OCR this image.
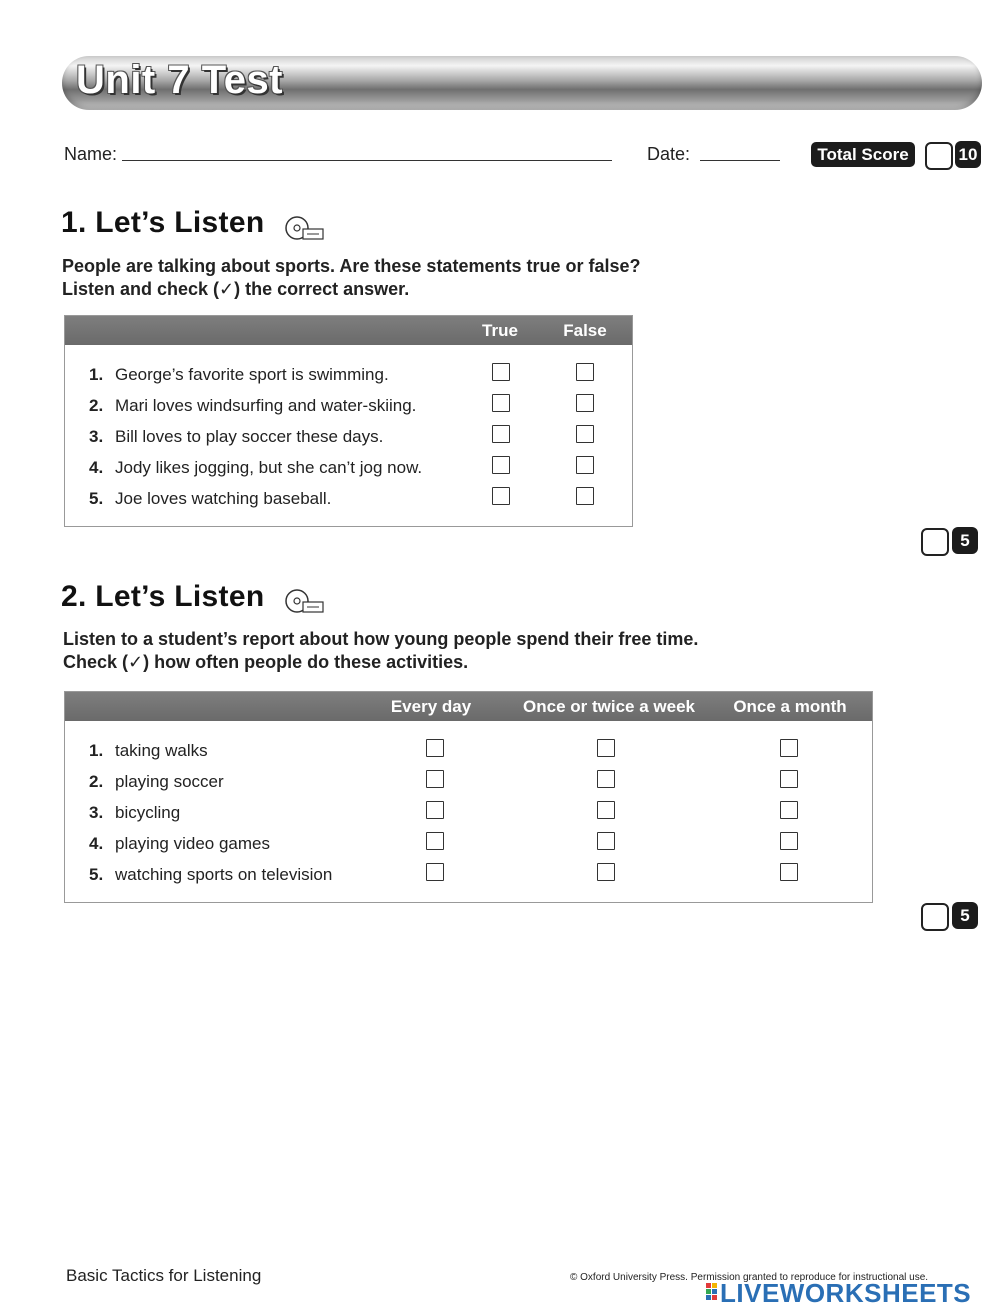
Unit 7 Test
Name:	Date:	Total Score	10
1. Let’s Listen
People are talking about sports. Are these statements true or false?
Listen and check (✓) the correct answer.
True	False
1. George’s favorite sport is swimming.
2. Mari loves windsurfing and water-skiing.
3. Bill loves to play soccer these days.
4. Jody likes jogging, but she can’t jog now.
5. Joe loves watching baseball.
5
2. Let’s Listen
Listen to a student’s report about how young people spend their free time.
Check (✓) how often people do these activities.
Every day	Once or twice a week	Once a month
1. taking walks
2. playing soccer
3. bicycling
4. playing video games
5. watching sports on television
5
Basic Tactics for Listening	© Oxford University Press. Permission granted to reproduce for instructional use.
LIVEWORKSHEETS
